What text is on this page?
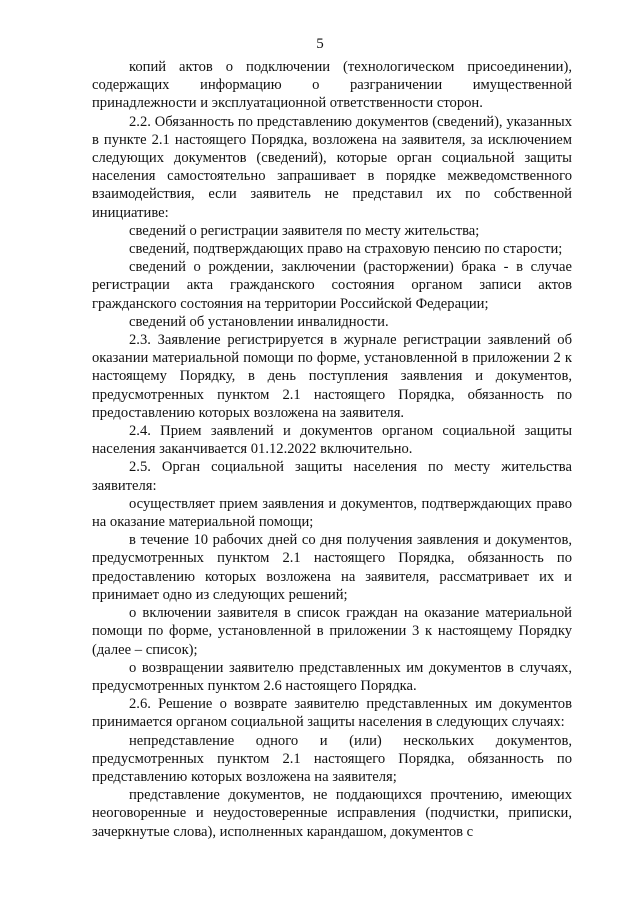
5

копий актов о подключении (технологическом присоединении), содержащих информацию о разграничении имущественной принадлежности и эксплуатационной ответственности сторон.

2.2. Обязанность по представлению документов (сведений), указанных в пункте 2.1 настоящего Порядка, возложена на заявителя, за исключением следующих документов (сведений), которые орган социальной защиты населения самостоятельно запрашивает в порядке межведомственного взаимодействия, если заявитель не представил их по собственной инициативе:

сведений о регистрации заявителя по месту жительства;

сведений, подтверждающих право на страховую пенсию по старости;

сведений о рождении, заключении (расторжении) брака - в случае регистрации акта гражданского состояния органом записи актов гражданского состояния на территории Российской Федерации;

сведений об установлении инвалидности.

2.3. Заявление регистрируется в журнале регистрации заявлений об оказании материальной помощи по форме, установленной в приложении 2 к настоящему Порядку, в день поступления заявления и документов, предусмотренных пунктом 2.1 настоящего Порядка, обязанность по предоставлению которых возложена на заявителя.

2.4. Прием заявлений и документов органом социальной защиты населения заканчивается 01.12.2022 включительно.

2.5. Орган социальной защиты населения по месту жительства заявителя:

осуществляет прием заявления и документов, подтверждающих право на оказание материальной помощи;

в течение 10 рабочих дней со дня получения заявления и документов, предусмотренных пунктом 2.1 настоящего Порядка, обязанность по предоставлению которых возложена на заявителя, рассматривает их и принимает одно из следующих решений;

о включении заявителя в список граждан на оказание материальной помощи по форме, установленной в приложении 3 к настоящему Порядку (далее – список);

о возвращении заявителю представленных им документов в случаях, предусмотренных пунктом 2.6 настоящего Порядка.

2.6. Решение о возврате заявителю представленных им документов принимается органом социальной защиты населения в следующих случаях:

непредставление одного и (или) нескольких документов, предусмотренных пунктом 2.1 настоящего Порядка, обязанность по представлению которых возложена на заявителя;

представление документов, не поддающихся прочтению, имеющих неоговоренные и неудостоверенные исправления (подчистки, приписки, зачеркнутые слова), исполненных карандашом, документов с
